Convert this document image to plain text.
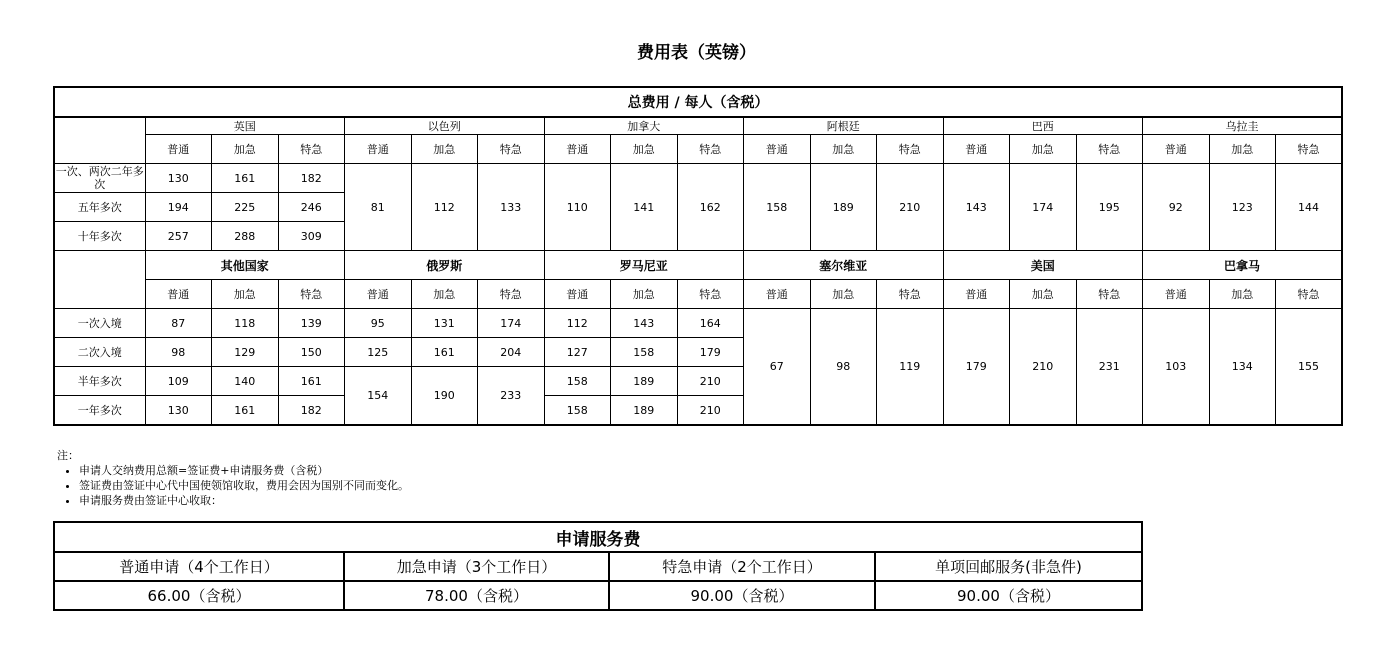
费用表（英镑）
总费用 / 每人（含税）																		
	英国			以色列			加拿大			阿根廷			巴西			乌拉圭		
	普通	加急	特急	普通	加急	特急	普通	加急	特急	普通	加急	特急	普通	加急	特急	普通	加急	特急
一次、两次二年多次	130	161	182	81	112	133	110	141	162	158	189	210	143	174	195	92	123	144
五年多次	194	225	246															
十年多次	257	288	309															
	其他国家			俄罗斯			罗马尼亚			塞尔维亚			美国			巴拿马		
	普通	加急	特急	普通	加急	特急	普通	加急	特急	普通	加急	特急	普通	加急	特急	普通	加急	特急
一次入境	87	118	139	95	131	174	112	143	164	67	98	119	179	210	231	103	134	155
二次入境	98	129	150	125	161	204	127	158	179									
半年多次	109	140	161	154	190	233	158	189	210									
一年多次	130	161	182				158	189	210									
注：
• 申请人交纳费用总额=签证费+申请服务费（含税）
• 签证费由签证中心代中国使领馆收取，费用会因为国别不同而变化。
• 申请服务费由签证中心收取：
申请服务费			
普通申请（4个工作日）	加急申请（3个工作日）	特急申请（2个工作日）	单项回邮服务(非急件)
66.00（含税）	78.00（含税）	90.00（含税）	90.00（含税）
